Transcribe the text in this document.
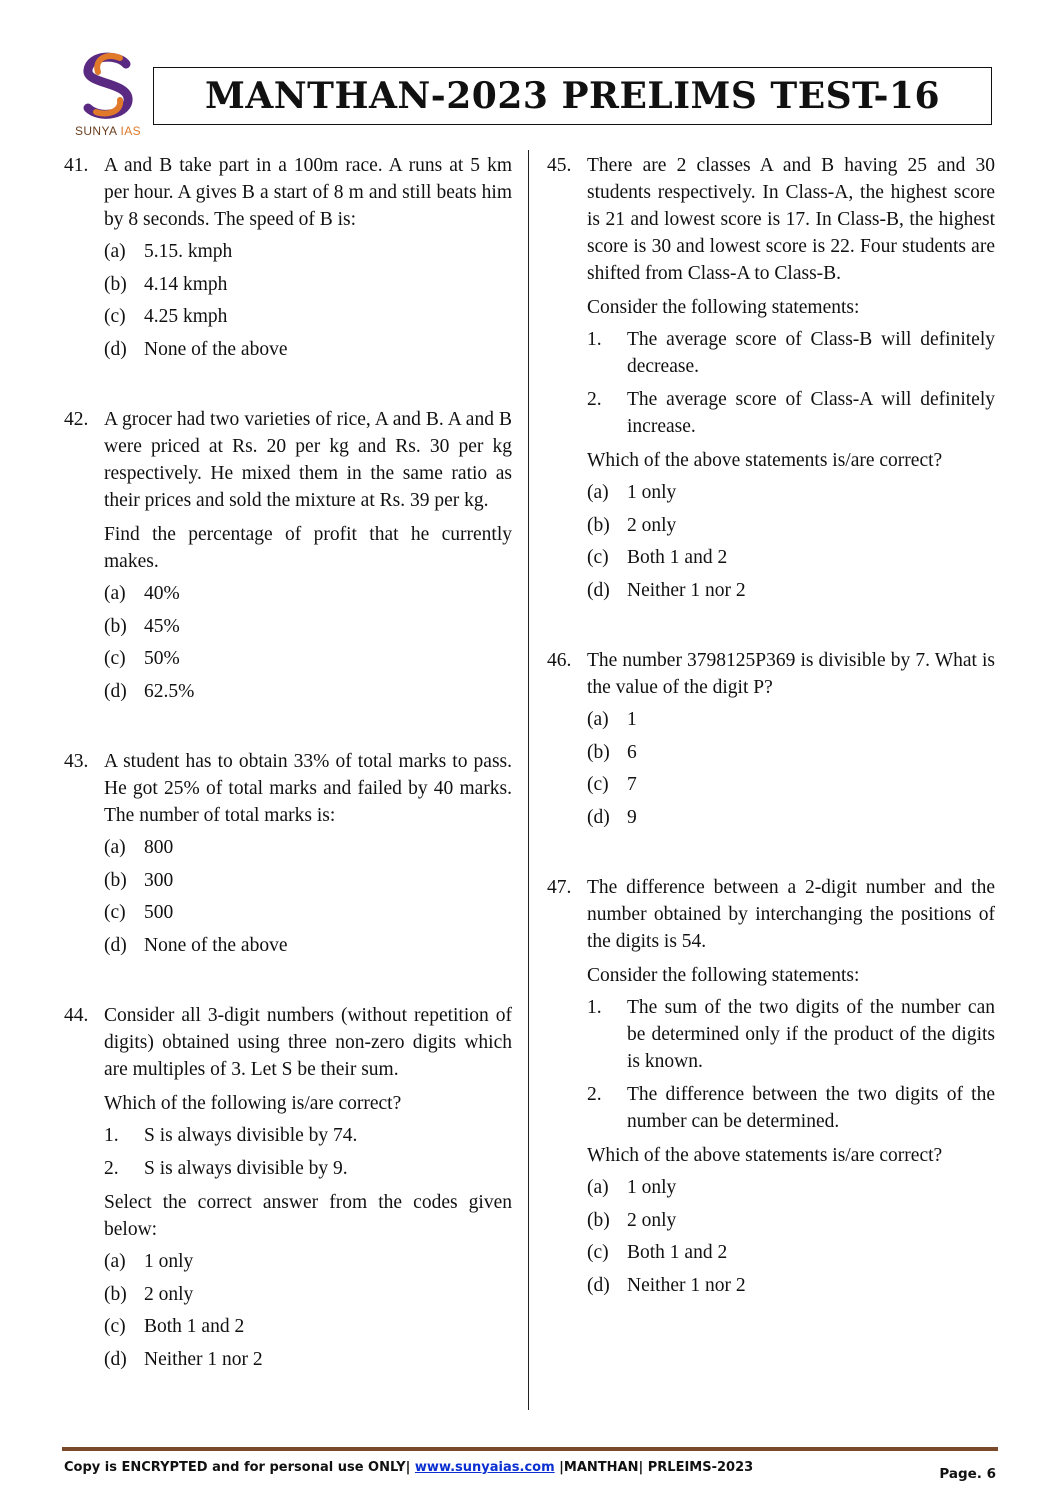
SUNYA IAS
MANTHAN-2023 PRELIMS TEST-16
41. A and B take part in a 100m race. A runs at 5 km per hour. A gives B a start of 8 m and still beats him by 8 seconds. The speed of B is:
(a) 5.15. kmph
(b) 4.14 kmph
(c) 4.25 kmph
(d) None of the above
42. A grocer had two varieties of rice, A and B. A and B were priced at Rs. 20 per kg and Rs. 30 per kg respectively. He mixed them in the same ratio as their prices and sold the mixture at Rs. 39 per kg.
Find the percentage of profit that he currently makes.
(a) 40%
(b) 45%
(c) 50%
(d) 62.5%
43. A student has to obtain 33% of total marks to pass. He got 25% of total marks and failed by 40 marks. The number of total marks is:
(a) 800
(b) 300
(c) 500
(d) None of the above
44. Consider all 3-digit numbers (without repetition of digits) obtained using three non-zero digits which are multiples of 3. Let S be their sum.
Which of the following is/are correct?
1.	S is always divisible by 74.
2.	S is always divisible by 9.
Select the correct answer from the codes given below:
(a) 1 only
(b) 2 only
(c) Both 1 and 2
(d) Neither 1 nor 2
45. There are 2 classes A and B having 25 and 30 students respectively. In Class-A, the highest score is 21 and lowest score is 17. In Class-B, the highest score is 30 and lowest score is 22. Four students are shifted from Class-A to Class-B.
Consider the following statements:
1.	The average score of Class-B will definitely decrease.
2.	The average score of Class-A will definitely increase.
Which of the above statements is/are correct?
(a) 1 only
(b) 2 only
(c) Both 1 and 2
(d) Neither 1 nor 2
46. The number 3798125P369 is divisible by 7. What is the value of the digit P?
(a) 1
(b) 6
(c) 7
(d) 9
47. The difference between a 2-digit number and the number obtained by interchanging the positions of the digits is 54.
Consider the following statements:
1.	The sum of the two digits of the number can be determined only if the product of the digits is known.
2.	The difference between the two digits of the number can be determined.
Which of the above statements is/are correct?
(a) 1 only
(b) 2 only
(c) Both 1 and 2
(d) Neither 1 nor 2
Copy is ENCRYPTED and for personal use ONLY| www.sunyaias.com |MANTHAN| PRLEIMS-2023	Page. 6
